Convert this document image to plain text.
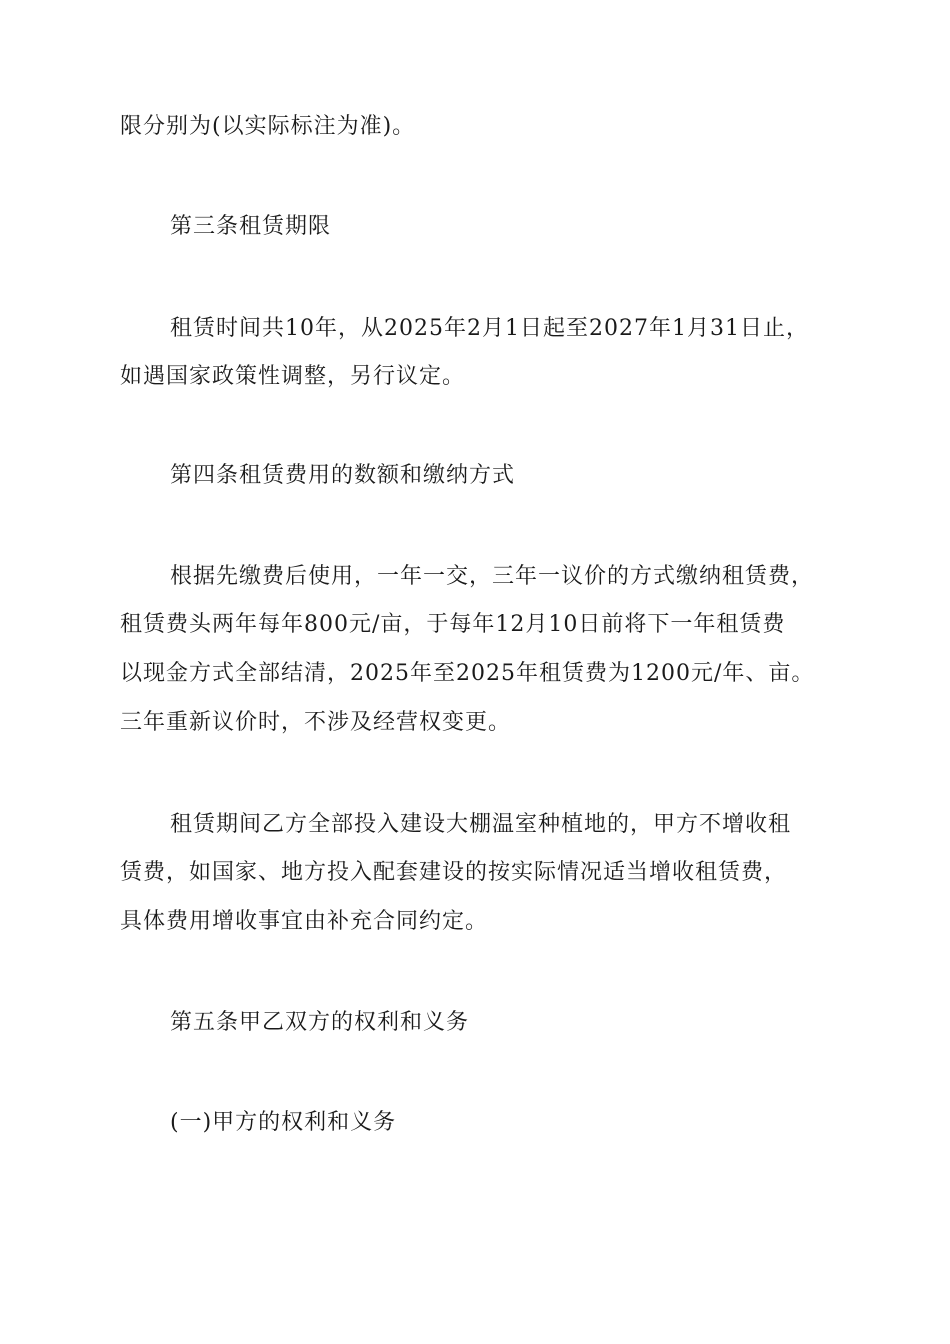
限分别为(以实际标注为准)。
第三条租赁期限
租赁时间共10年，从2025年2月1日起至2027年1月31日止，
如遇国家政策性调整，另行议定。
第四条租赁费用的数额和缴纳方式
根据先缴费后使用，一年一交，三年一议价的方式缴纳租赁费，
租赁费头两年每年800元/亩，于每年12月10日前将下一年租赁费
以现金方式全部结清，2025年至2025年租赁费为1200元/年、亩。
三年重新议价时，不涉及经营权变更。
租赁期间乙方全部投入建设大棚温室种植地的，甲方不增收租
赁费，如国家、地方投入配套建设的按实际情况适当增收租赁费，
具体费用增收事宜由补充合同约定。
第五条甲乙双方的权利和义务
(一)甲方的权利和义务
